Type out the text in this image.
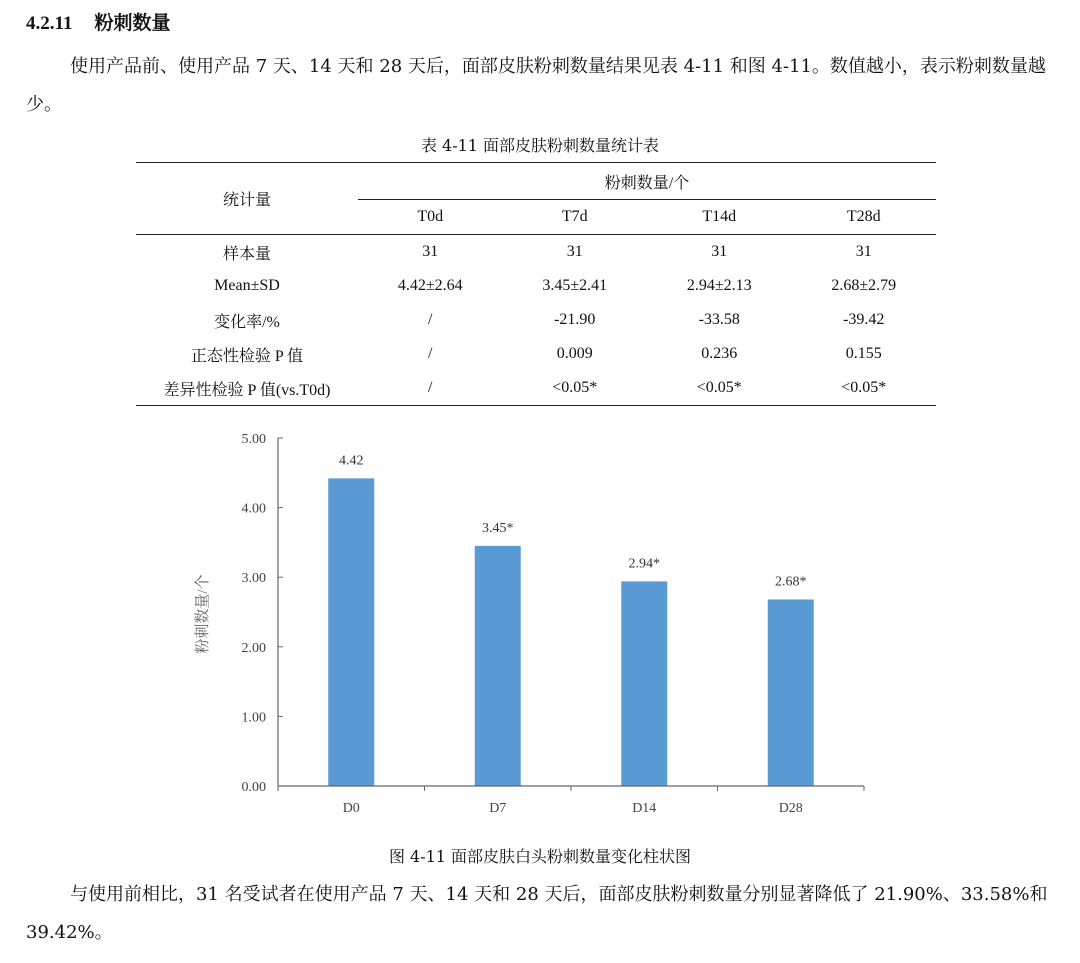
4.2.11 粉刺数量
使用产品前、使用产品 7 天、14 天和 28 天后，面部皮肤粉刺数量结果见表 4-11 和图 4-11。数值越小，表示粉刺数量越少。
表 4-11 面部皮肤粉刺数量统计表
统计量	粉刺数量/个			
	T0d	T7d	T14d	T28d
样本量	31	31	31	31
Mean±SD	4.42±2.64	3.45±2.41	2.94±2.13	2.68±2.79
变化率/%	/	-21.90	-33.58	-39.42
正态性检验 P 值	/	0.009	0.236	0.155
差异性检验 P 值(vs.T0d)	/	<0.05*	<0.05*	<0.05*
0.00
1.00
2.00
3.00
4.00
5.00
4.42
3.45*
2.94*
2.68*
D0	D7	D14	D28
粉刺数量/个
图 4-11 面部皮肤白头粉刺数量变化柱状图
与使用前相比，31 名受试者在使用产品 7 天、14 天和 28 天后，面部皮肤粉刺数量分别显著降低了 21.90%、33.58%和 39.42%。
